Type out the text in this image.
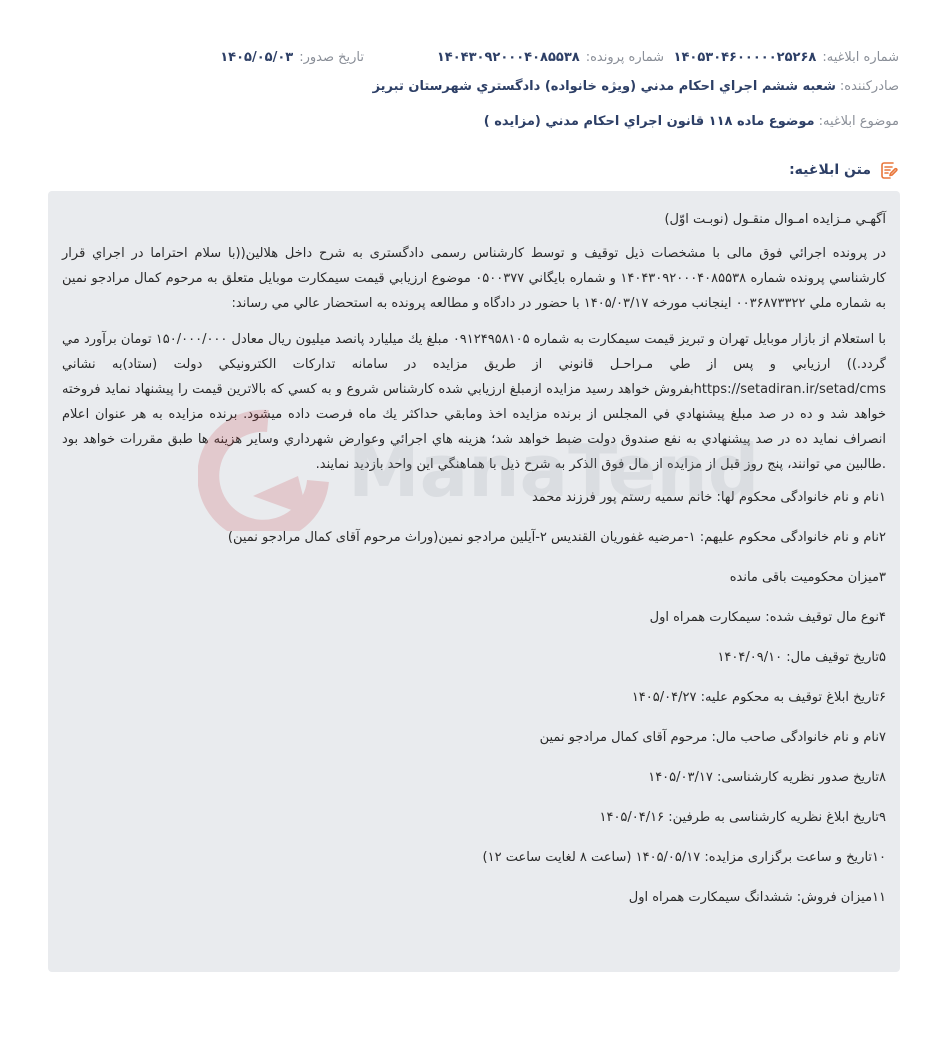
شماره ابلاغیه:
۱۴۰۵۳۰۴۶۰۰۰۰۰۲۵۲۶۸
شماره پرونده:
۱۴۰۴۳۰۹۲۰۰۰۴۰۸۵۵۳۸
تاریخ صدور:
۱۴۰۵/۰۵/۰۳
صادرکننده:شعبه ششم اجراي احكام مدني (ويژه خانواده) دادگستري شهرستان تبريز
موضوع ابلاغیه:موضوع ماده ۱۱۸ قانون اجراي احكام مدني (مزايده )
متن ابلاغیه:
ManaTend

آگهـي مـزايده امـوال منقـول (نوبـت اوّل)

در پرونده اجرائي فوق مالی با مشخصات ذيل توقيف و توسط کارشناس رسمی دادگستری به شرح داخل هلالين((با سلام احتراما در اجراي قرار كارشناسي پرونده شماره ۱۴۰۴۳۰۹۲۰۰۰۴۰۸۵۵۳۸ و شماره بايگاني ۰۵۰۰۳۷۷ موضوع ارزيابي قيمت سيمكارت موبايل متعلق به مرحوم كمال مرادجو نمين به شماره ملي ۰۰۳۶۸۷۳۳۲۲ اينجانب مورخه ۱۴۰۵/۰۳/۱۷ با حضور در دادگاه و مطالعه پرونده به استحضار عالي مي رساند:

با استعلام از بازار موبایل تهران و تبریز قیمت سیمکارت به شماره ۰۹۱۲۴۹۵۸۱۰۵ مبلغ يك ميليارد پانصد ميليون ريال معادل ۱۵۰/۰۰۰/۰۰۰ تومان برآورد مي گردد.)) ارزيابي و پس از طي مـراحـل قانوني از طريق مزايده در سامانه تداركات الكترونيكي دولت (ستاد)به نشاني https://setadiran.ir/setad/cmsبفروش خواهد رسيد مزايده ازمبلغ ارزيابي شده كارشناس شروع و به كسي كه بالاترين قيمت را پيشنهاد نمايد فروخته خواهد شد و ده در صد مبلغ پيشنهادي في المجلس از برنده مزايده اخذ ومابقي حداكثر يك ماه فرصت داده ميشود. برنده مزايده به هر عنوان اعلام انصراف نمايد ده در صد پيشنهادي به نفع صندوق دولت ضبط خواهد شد؛ هزينه هاي اجرائي وعوارض شهرداري وساير هزينه ها طبق مقررات خواهد بود .طالبين مي توانند، پنج روز قبل از مزايده از مال فوق الذكر به شرح ذيل با هماهنگي اين واحد بازديد نمايند.

۱نام و نام خانوادگی محکوم لها: خانم سمیه رستم پور فرزند محمد

۲نام و نام خانوادگی محکوم علیهم: ۱-مرضیه غفوریان القندیس ۲-آیلین مرادجو نمین(وراث مرحوم آقای کمال مرادجو نمین)

۳میزان محکومیت باقی مانده

۴نوع مال توقیف شده: سیمکارت همراه اول

۵تاریخ توقیف مال: ۱۴۰۴/۰۹/۱۰

۶تاریخ ابلاغ توقیف به محکوم علیه: ۱۴۰۵/۰۴/۲۷

۷نام و نام خانوادگی صاحب مال: مرحوم آقای کمال مرادجو نمین

۸تاریخ صدور نظریه کارشناسی: ۱۴۰۵/۰۳/۱۷

۹تاریخ ابلاغ نظریه کارشناسی به طرفین: ۱۴۰۵/۰۴/۱۶

۱۰تاریخ و ساعت برگزاری مزایده: ۱۴۰۵/۰۵/۱۷ (ساعت ۸ لغایت ساعت ۱۲)

۱۱میزان فروش: ششدانگ سیمکارت همراه اول
